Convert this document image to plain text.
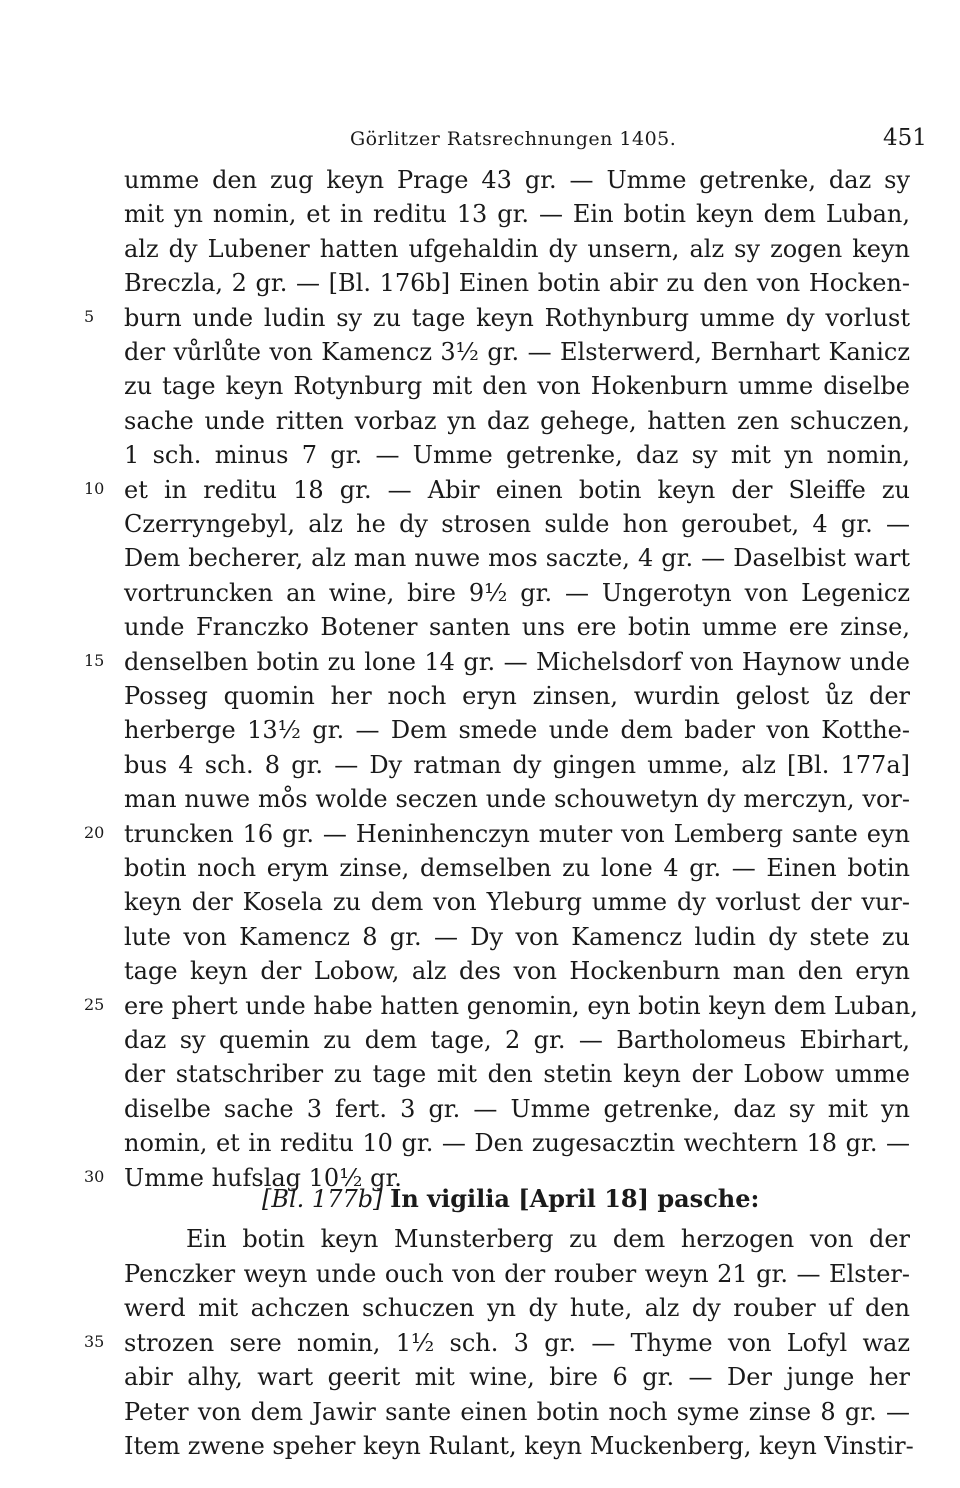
Görlitzer Ratsrechnungen 1405.	451
umme den zug keyn Prage 43 gr. — Umme getrenke, daz sy
mit yn nomin, et in reditu 13 gr. — Ein botin keyn dem Luban,
alz dy Lubener hatten ufgehaldin dy unsern, alz sy zogen keyn
Breczla, 2 gr. — [Bl. 176b] Einen botin abir zu den von Hocken-
5	burn unde ludin sy zu tage keyn Rothynburg umme dy vorlust
der vůrlůte von Kamencz 3½ gr. — Elsterwerd, Bernhart Kanicz
zu tage keyn Rotynburg mit den von Hokenburn umme diselbe
sache unde ritten vorbaz yn daz gehege, hatten zen schuczen,
1 sch. minus 7 gr. — Umme getrenke, daz sy mit yn nomin,
10 et in reditu 18 gr. — Abir einen botin keyn der Sleiffe zu
Czerryngebyl, alz he dy strosen sulde hon geroubet, 4 gr. —
Dem becherer, alz man nuwe mos saczte, 4 gr. — Daselbist wart
vortruncken an wine, bire 9½ gr. — Ungerotyn von Legenicz
unde Franczko Botener santen uns ere botin umme ere zinse,
15 denselben botin zu lone 14 gr. — Michelsdorf von Haynow unde
Posseg quomin her noch eryn zinsen, wurdin gelost ůz der
herberge 13½ gr. — Dem smede unde dem bader von Kotthe-
bus 4 sch. 8 gr. — Dy ratman dy gingen umme, alz [Bl. 177a]
man nuwe mo̊s wolde seczen unde schouwetyn dy merczyn, vor-
20 truncken 16 gr. — Heninhenczyn muter von Lemberg sante eyn
botin noch erym zinse, demselben zu lone 4 gr. — Einen botin
keyn der Kosela zu dem von Yleburg umme dy vorlust der vur-
lute von Kamencz 8 gr. — Dy von Kamencz ludin dy stete zu
tage keyn der Lobow, alz des von Hockenburn man den eryn
25 ere phert unde habe hatten genomin, eyn botin keyn dem Luban,
daz sy quemin zu dem tage, 2 gr. — Bartholomeus Ebirhart,
der statschriber zu tage mit den stetin keyn der Lobow umme
diselbe sache 3 fert. 3 gr. — Umme getrenke, daz sy mit yn
nomin, et in reditu 10 gr. — Den zugesacztin wechtern 18 gr. —
30 Umme hufslag 10½ gr.
[Bl. 177b] In vigilia [April 18] pasche:
Ein botin keyn Munsterberg zu dem herzogen von der
Penczker weyn unde ouch von der rouber weyn 21 gr. — Elster-
werd mit achczen schuczen yn dy hute, alz dy rouber uf den
35 strozen sere nomin, 1½ sch. 3 gr. — Thyme von Lofyl waz
abir alhy, wart geerit mit wine, bire 6 gr. — Der junge her
Peter von dem Jawir sante einen botin noch syme zinse 8 gr. —
Item zwene speher keyn Rulant, keyn Muckenberg, keyn Vinstir-
